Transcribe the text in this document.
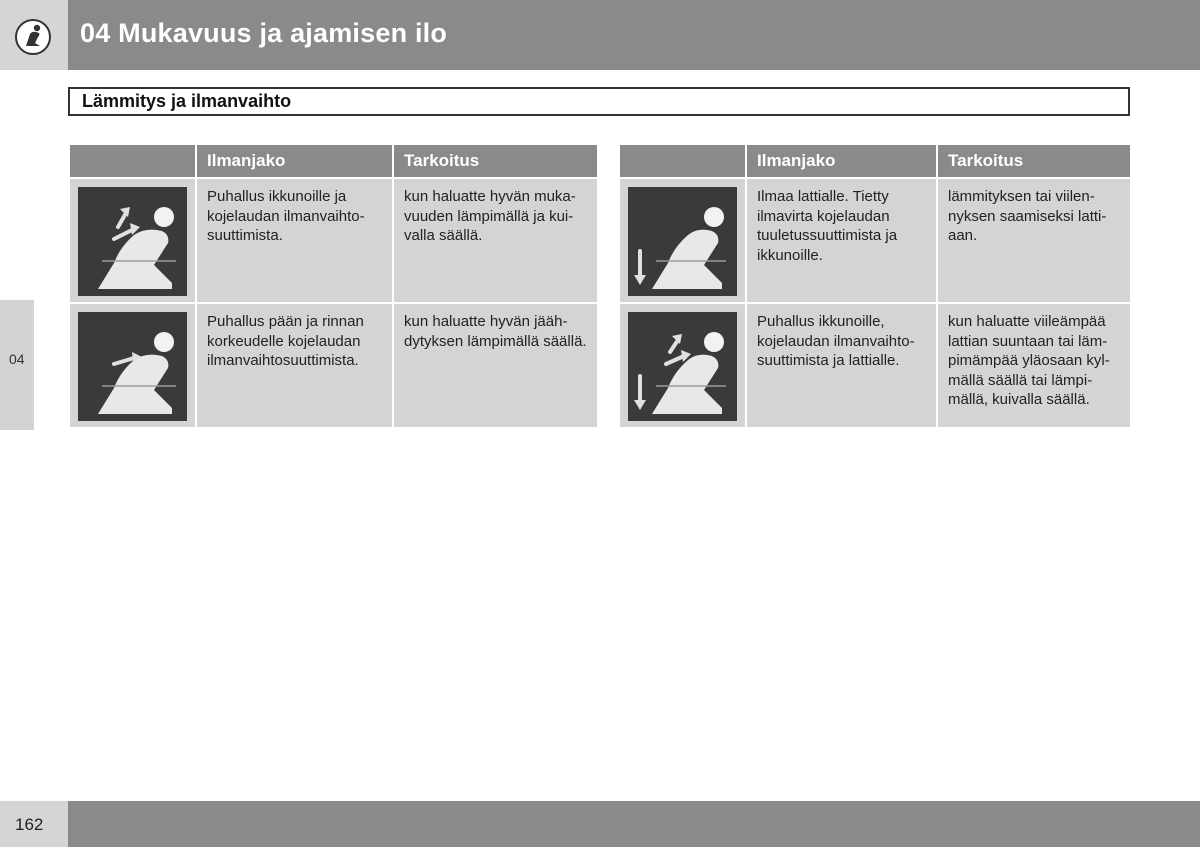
04 Mukavuus ja ajamisen ilo
Lämmitys ja ilmanvaihto
04
Ilmanjako	Tarkoitus
Puhallus ikkunoille ja kojelaudan ilmanvaihto-suuttimista.
kun haluatte hyvän muka-vuuden lämpimällä ja kui-valla säällä.
Puhallus pään ja rinnan korkeudelle kojelaudan ilmanvaihtosuuttimista.
kun haluatte hyvän jääh-dytyksen lämpimällä säällä.
Ilmanjako	Tarkoitus
Ilmaa lattialle. Tietty ilmavirta kojelaudan tuuletussuuttimista ja ikkunoille.
lämmityksen tai viilen-nyksen saamiseksi latti-aan.
Puhallus ikkunoille, kojelaudan ilmanvaihto-suuttimista ja lattialle.
kun haluatte viileämpää lattian suuntaan tai läm-pimämpää yläosaan kyl-mällä säällä tai lämpi-mällä, kuivalla säällä.
162
